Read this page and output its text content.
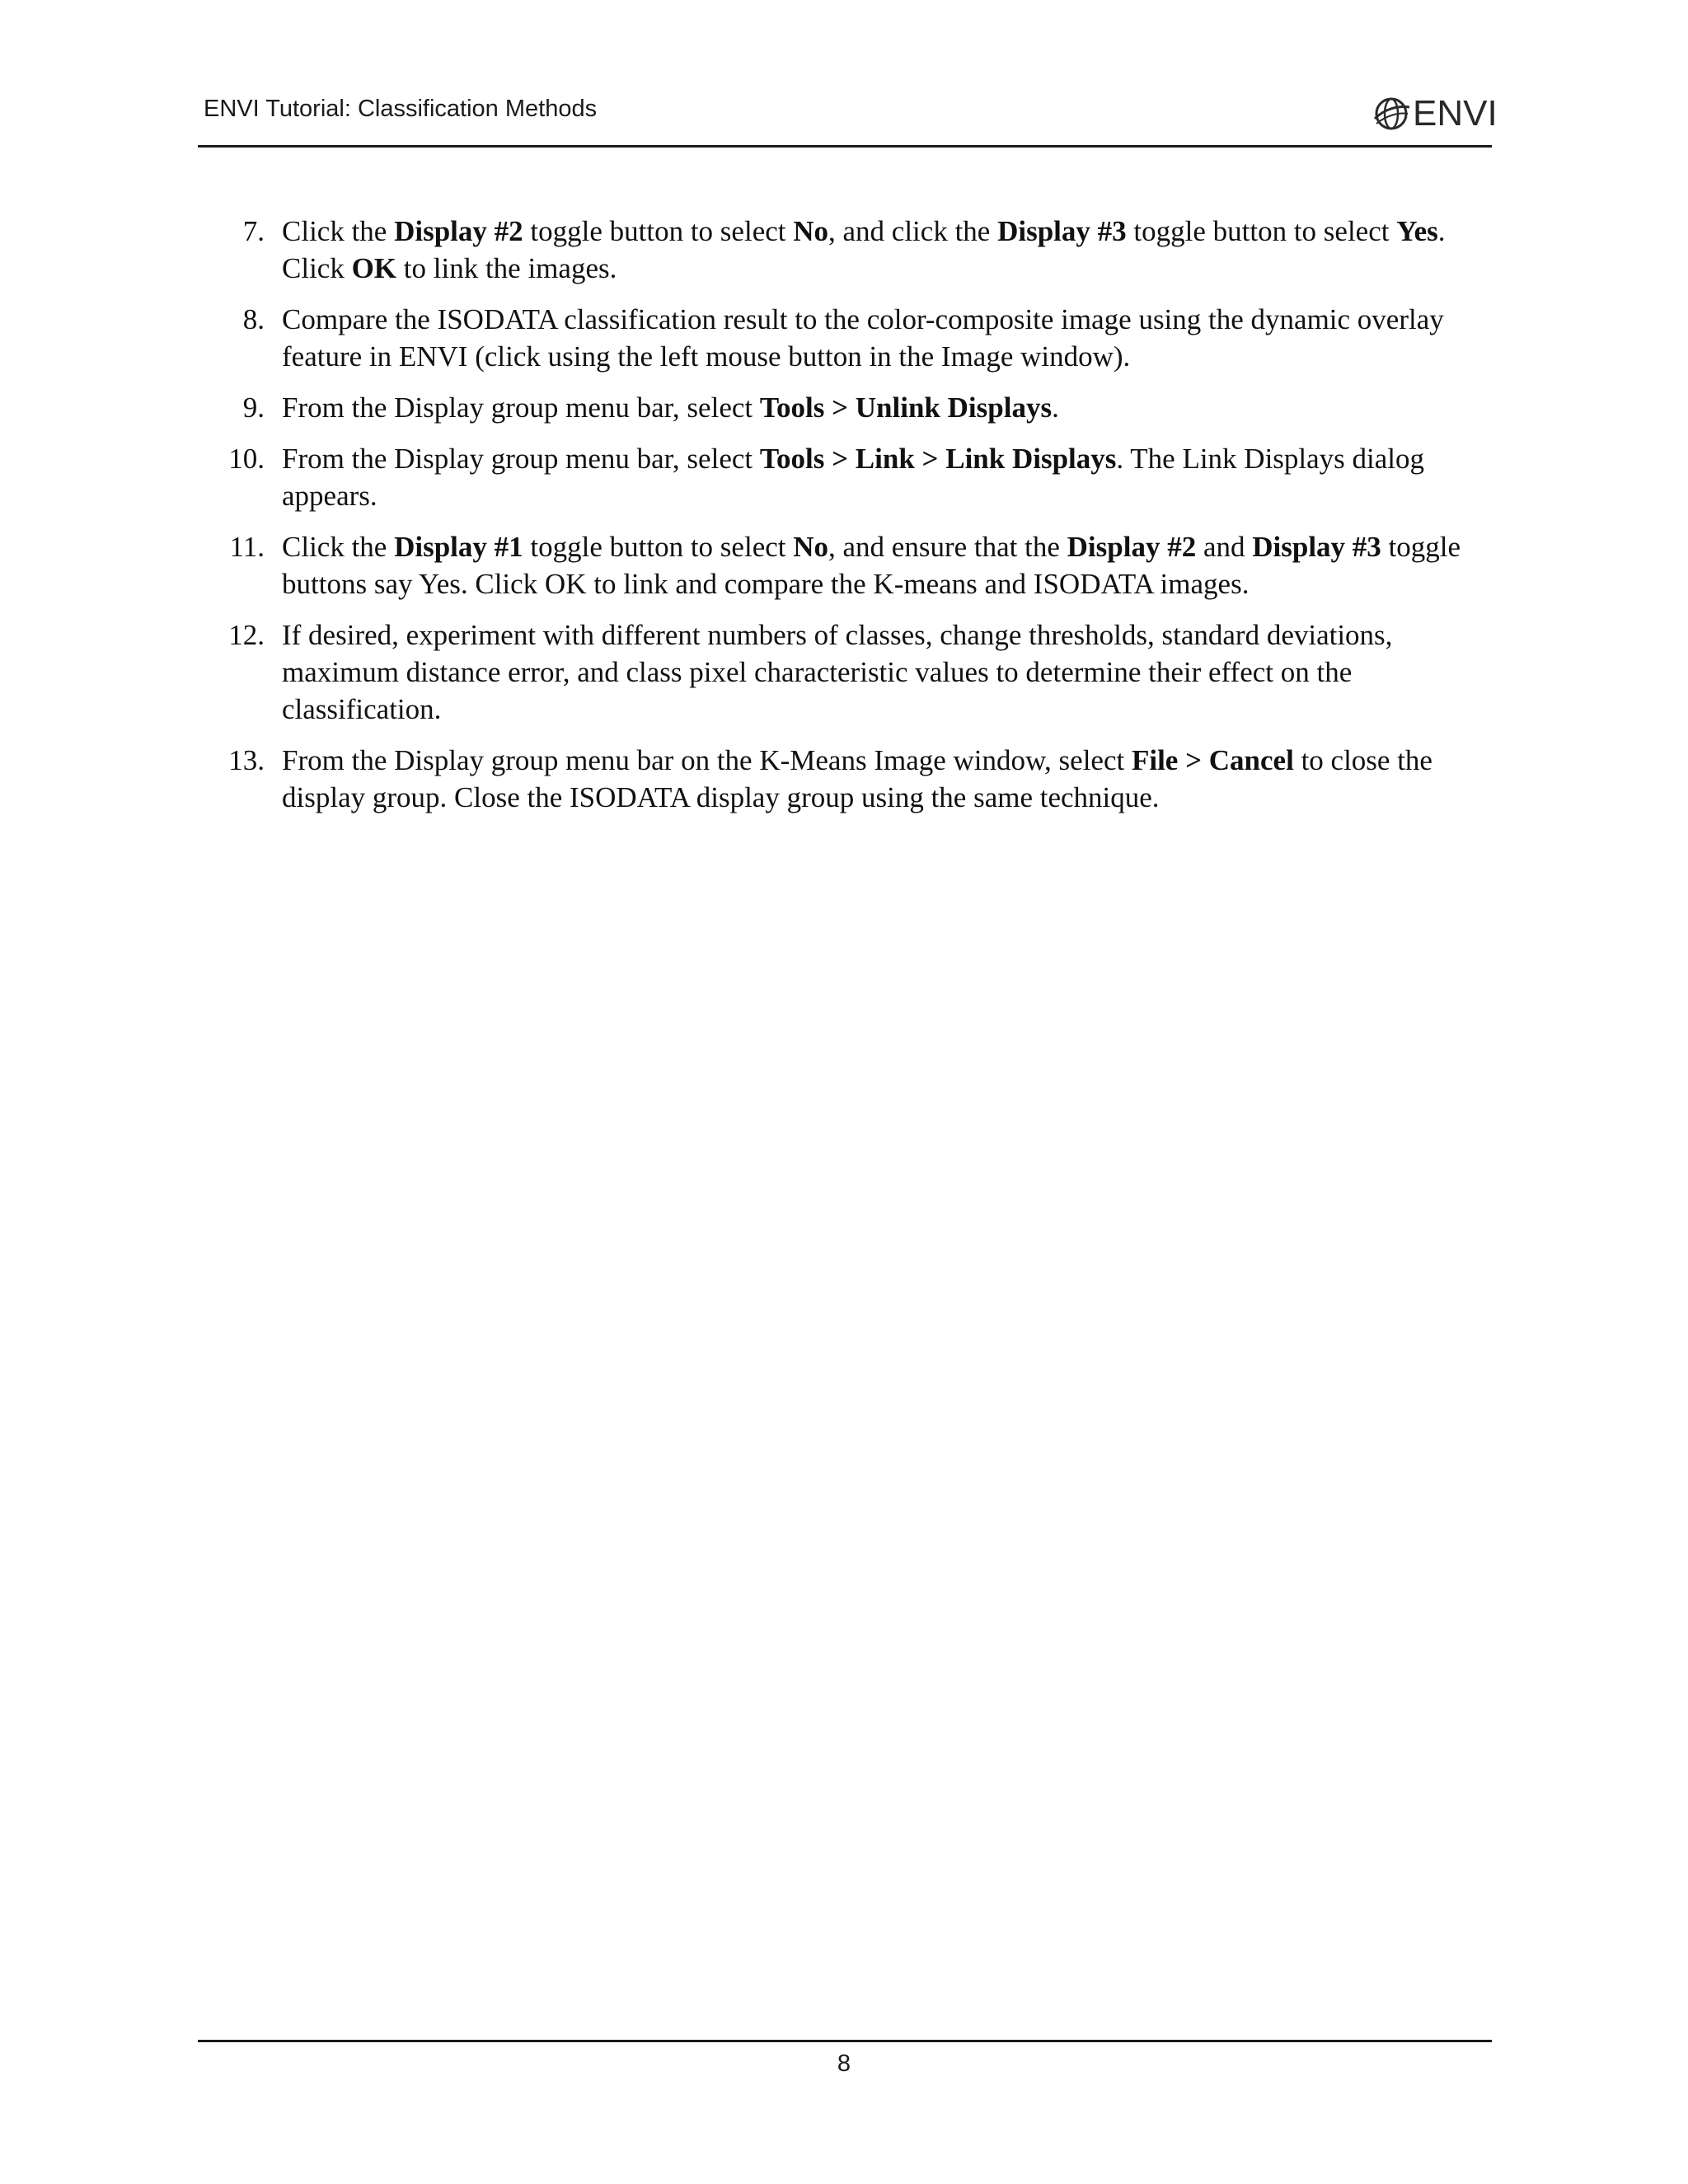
ENVI Tutorial: Classification Methods	ENVI
7. Click the Display #2 toggle button to select No, and click the Display #3 toggle button to select Yes. Click OK to link the images.
8. Compare the ISODATA classification result to the color-composite image using the dynamic overlay feature in ENVI (click using the left mouse button in the Image window).
9. From the Display group menu bar, select Tools > Unlink Displays.
10. From the Display group menu bar, select Tools > Link > Link Displays. The Link Displays dialog appears.
11. Click the Display #1 toggle button to select No, and ensure that the Display #2 and Display #3 toggle buttons say Yes. Click OK to link and compare the K-means and ISODATA images.
12. If desired, experiment with different numbers of classes, change thresholds, standard deviations, maximum distance error, and class pixel characteristic values to determine their effect on the classification.
13. From the Display group menu bar on the K-Means Image window, select File > Cancel to close the display group. Close the ISODATA display group using the same technique.
8
